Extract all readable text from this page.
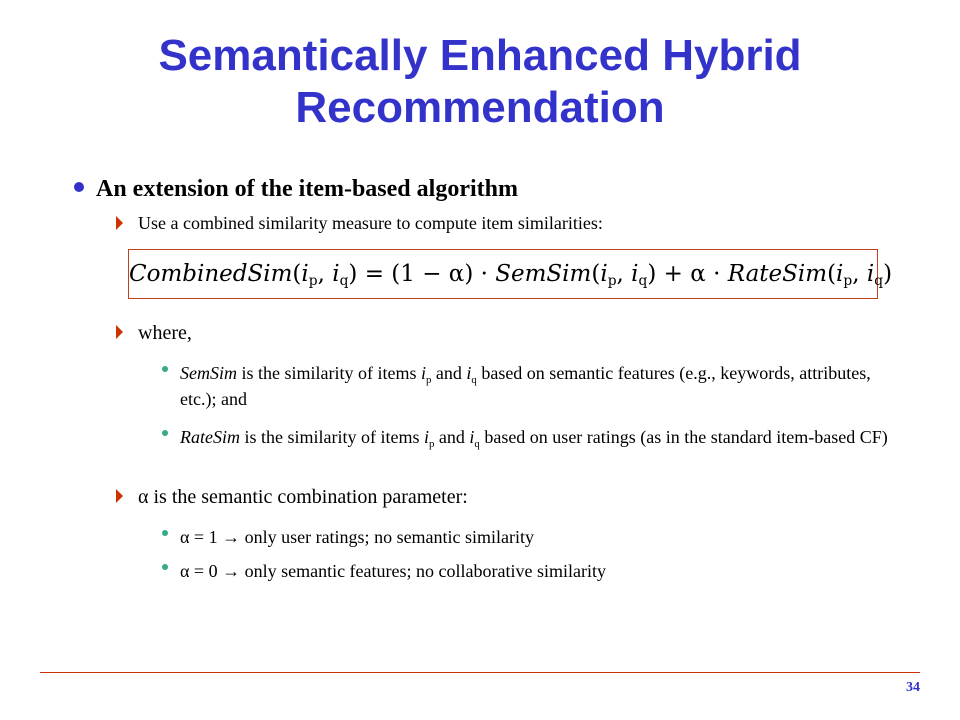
Semantically Enhanced Hybrid Recommendation
An extension of the item-based algorithm
Use a combined similarity measure to compute item similarities:
$CombinedSim(i_p$, $i_q) = (1 - \alpha)$ · $SemSim(i_p$, $i_q) + \alpha$ · $RateSim(i_p$, $i_q$)
where,
SemSim is the similarity of items $i_p$ and $i_q$ based on semantic features (e.g., keywords, attributes, etc.); and
RateSim is the similarity of items $i_p$ and $i_q$ based on user ratings (as in the standard item-based CF)
α is the semantic combination parameter:
α = 1 → only user ratings; no semantic similarity
α = 0 → only semantic features; no collaborative similarity
34
